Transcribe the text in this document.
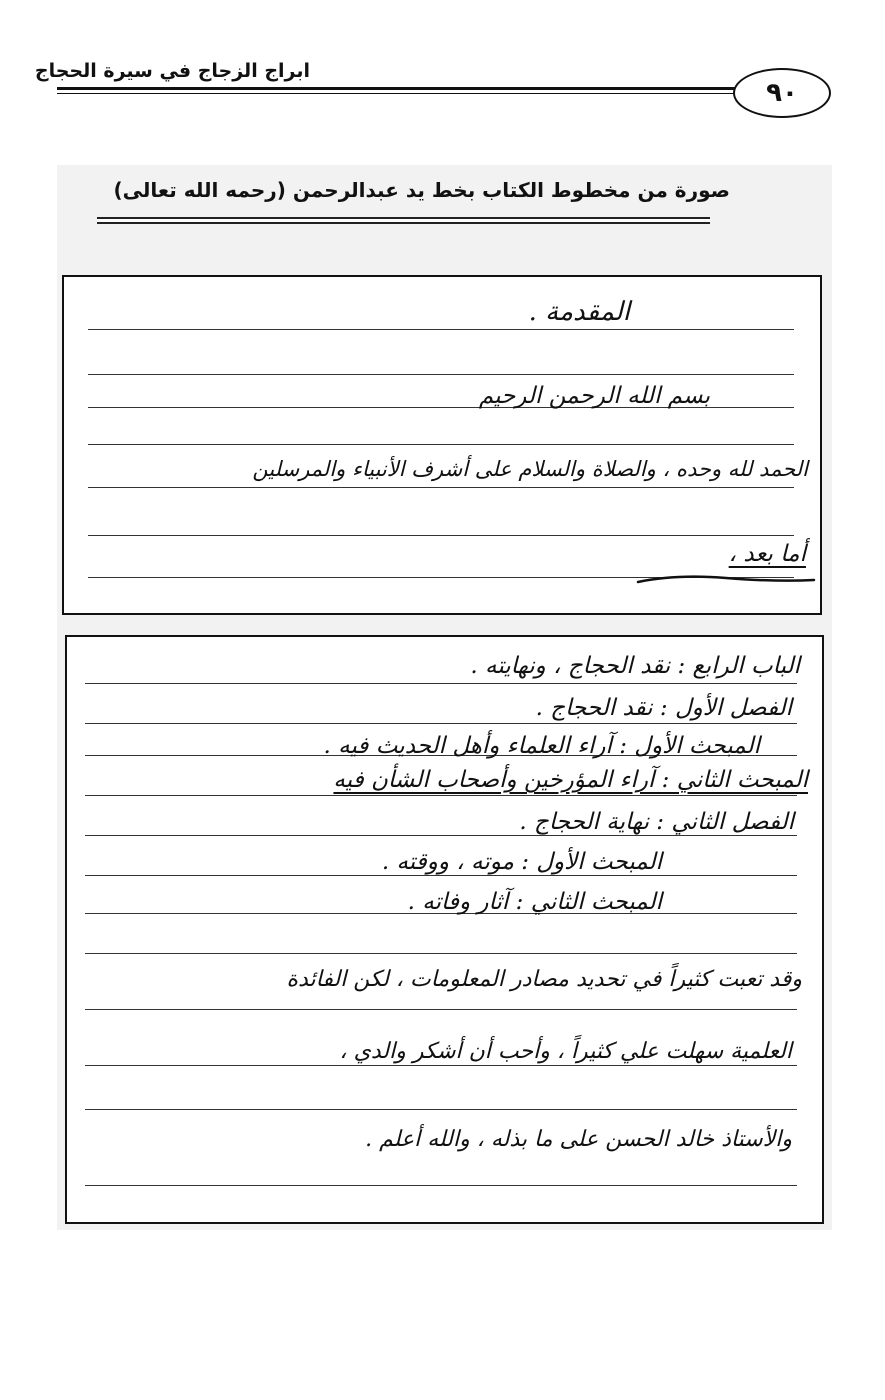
ابراج الزجاج في سيرة الحجاج
٩٠
صورة من مخطوط الكتاب بخط يد عبدالرحمن (رحمه الله تعالى)
المقدمة .
بسم الله الرحمن الرحيم
الحمد لله وحده ، والصلاة والسلام على أشرف الأنبياء والمرسلين
أما بعد ،
الباب الرابع : نقد الحجاج ، ونهايته .
الفصل الأول : نقد الحجاج .
المبحث الأول : آراء العلماء وأهل الحديث فيه .
المبحث الثاني : آراء المؤرخين وأصحاب الشأن فيه
الفصل الثاني : نهاية الحجاج .
المبحث الأول : موته ، ووقته .
المبحث الثاني : آثار وفاته .
وقد تعبت كثيراً في تحديد مصادر المعلومات ، لكن الفائدة
العلمية سهلت علي كثيراً ، وأحب أن أشكر والدي ،
والأستاذ خالد الحسن على ما بذله ، والله أعلم .
